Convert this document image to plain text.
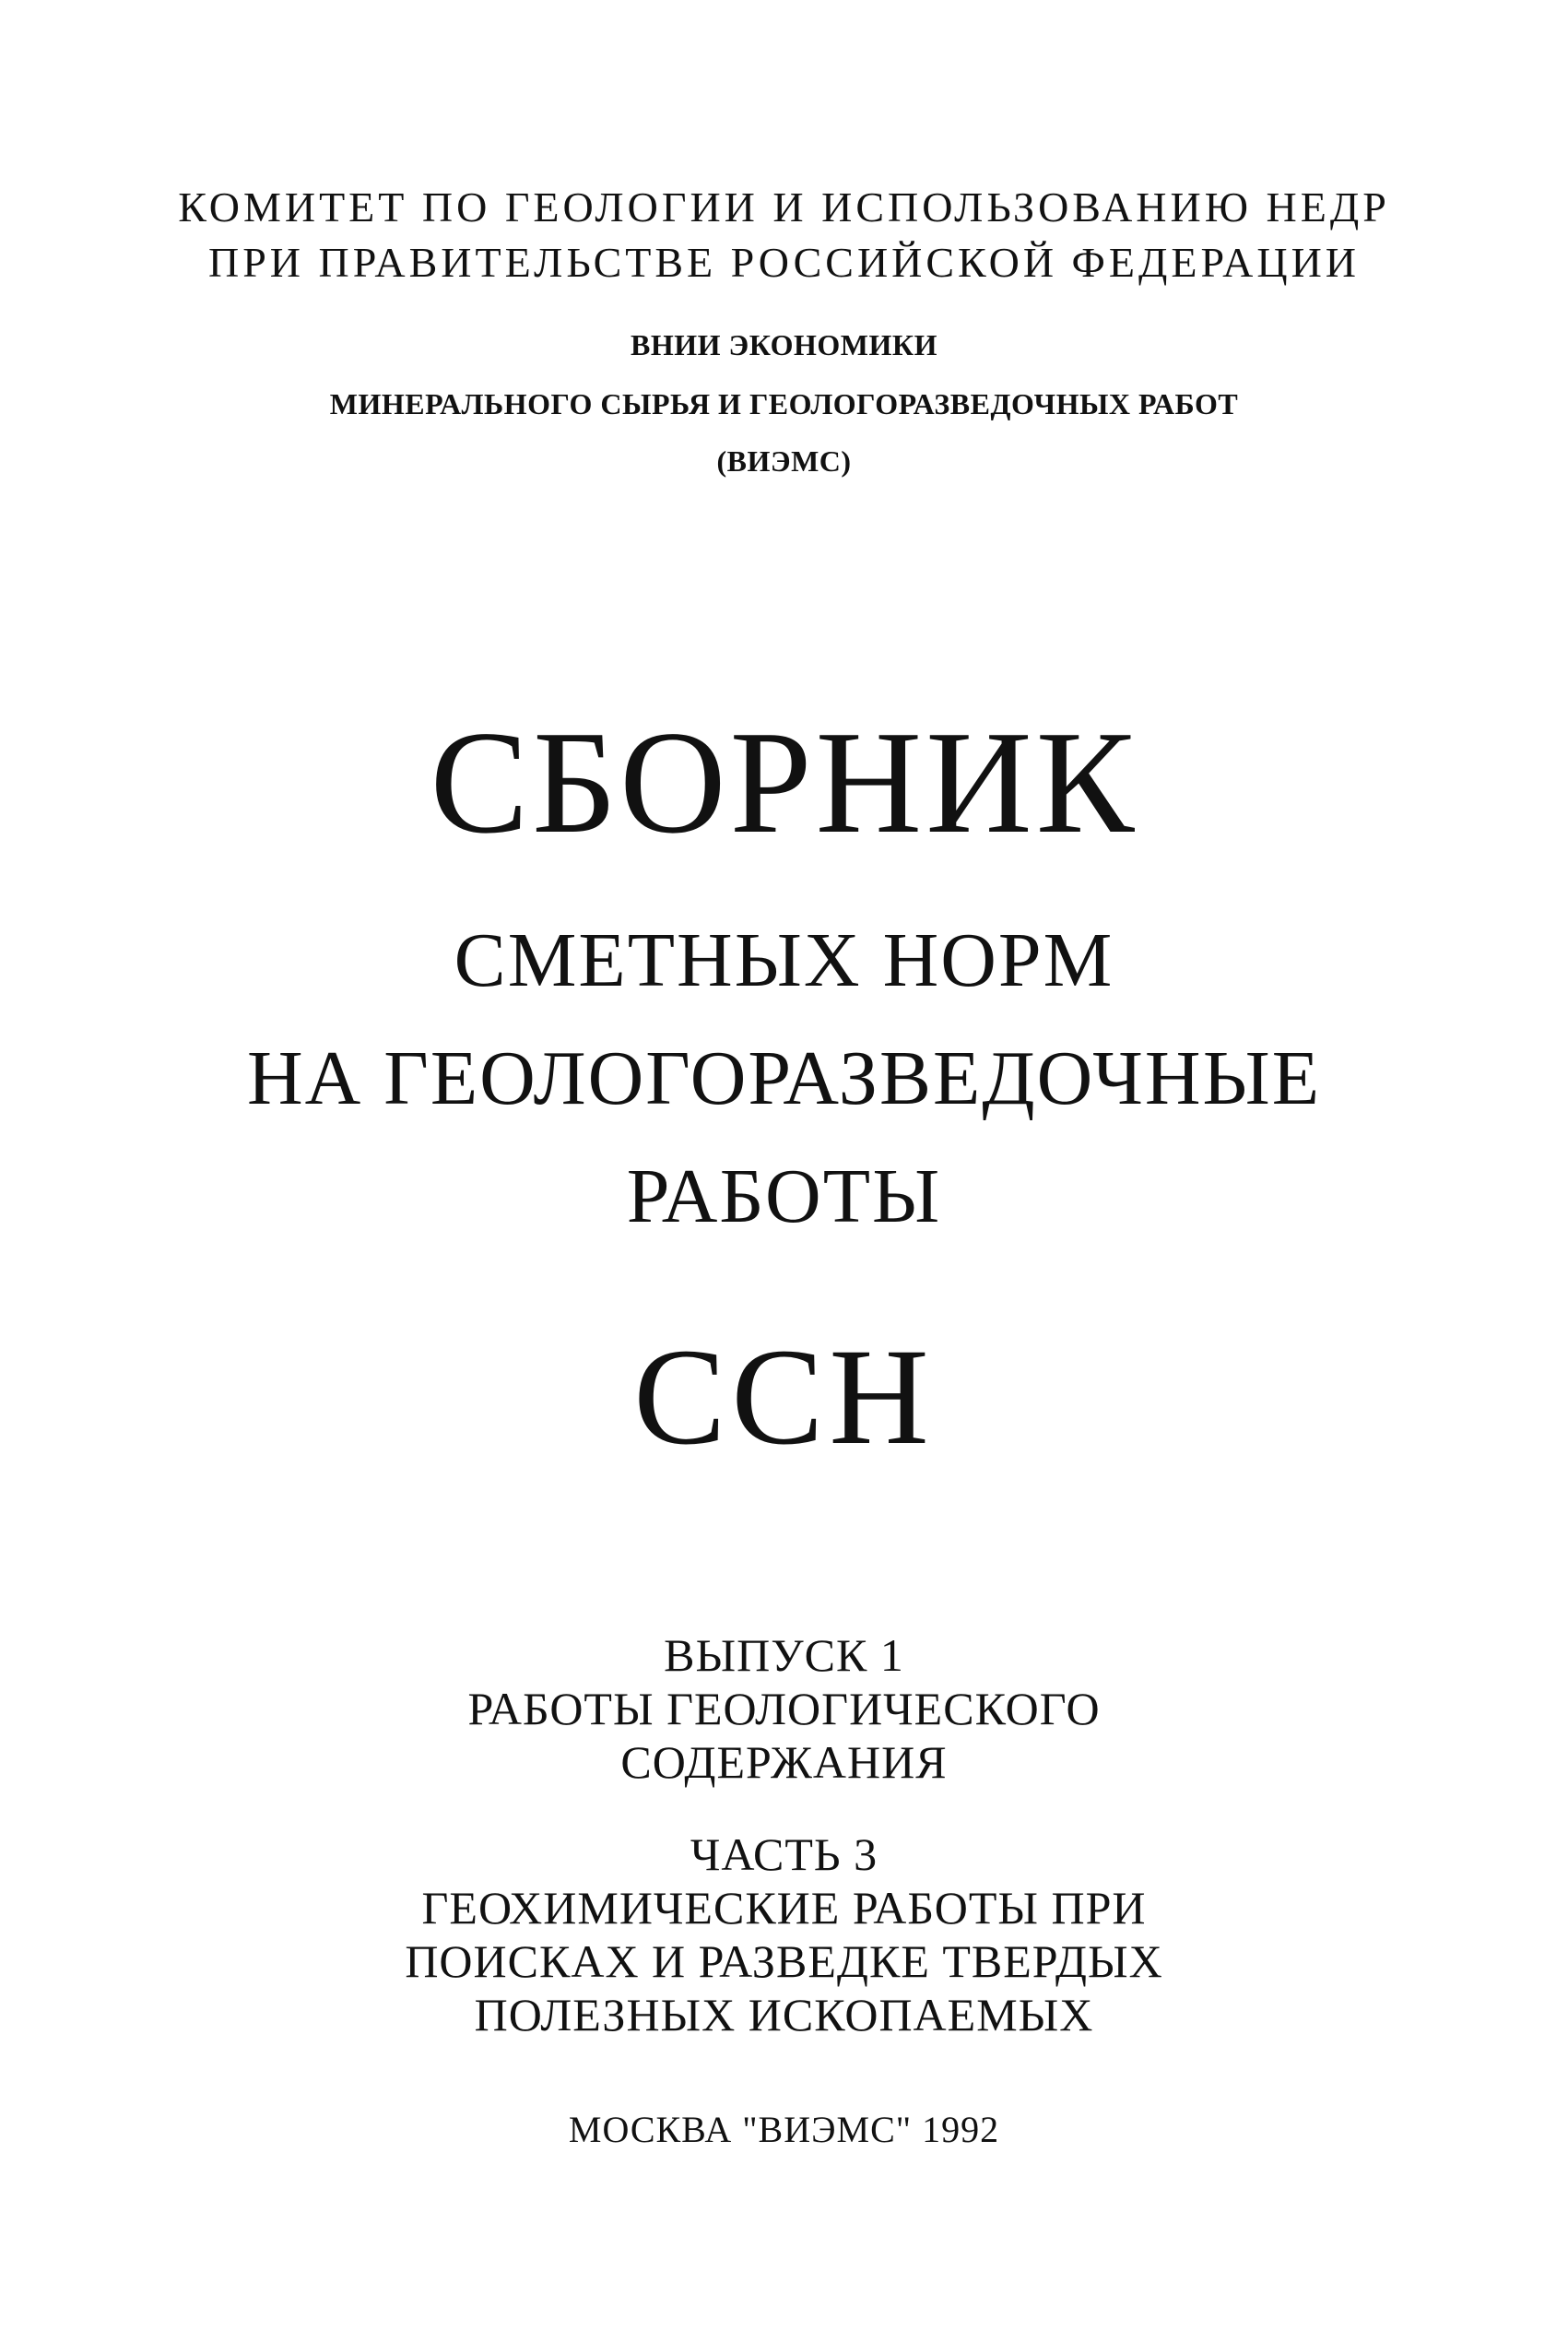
КОМИТЕТ ПО ГЕОЛОГИИ И ИСПОЛЬЗОВАНИЮ НЕДР
ПРИ ПРАВИТЕЛЬСТВЕ РОССИЙСКОЙ ФЕДЕРАЦИИ
ВНИИ ЭКОНОМИКИ
МИНЕРАЛЬНОГО СЫРЬЯ И ГЕОЛОГОРАЗВЕДОЧНЫХ РАБОТ
(ВИЭМС)
СБОРНИК
СМЕТНЫХ НОРМ
НА ГЕОЛОГОРАЗВЕДОЧНЫЕ
РАБОТЫ
ССН
ВЫПУСК 1
РАБОТЫ ГЕОЛОГИЧЕСКОГО
СОДЕРЖАНИЯ
ЧАСТЬ 3
ГЕОХИМИЧЕСКИЕ РАБОТЫ ПРИ
ПОИСКАХ И РАЗВЕДКЕ ТВЕРДЫХ
ПОЛЕЗНЫХ ИСКОПАЕМЫХ
МОСКВА "ВИЭМС" 1992
